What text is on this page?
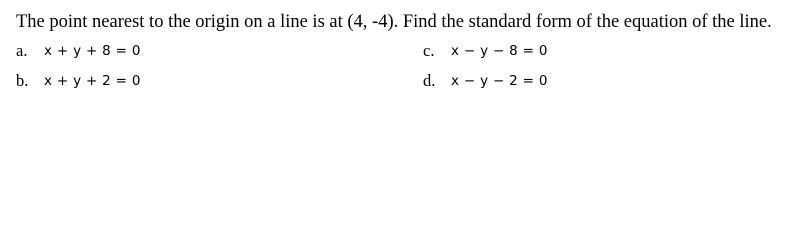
The point nearest to the origin on a line is at (4, -4). Find the standard form of the equation of the line.
a. x + y + 8 = 0
b. x + y + 2 = 0
c. x − y − 8 = 0
d. x − y − 2 = 0
